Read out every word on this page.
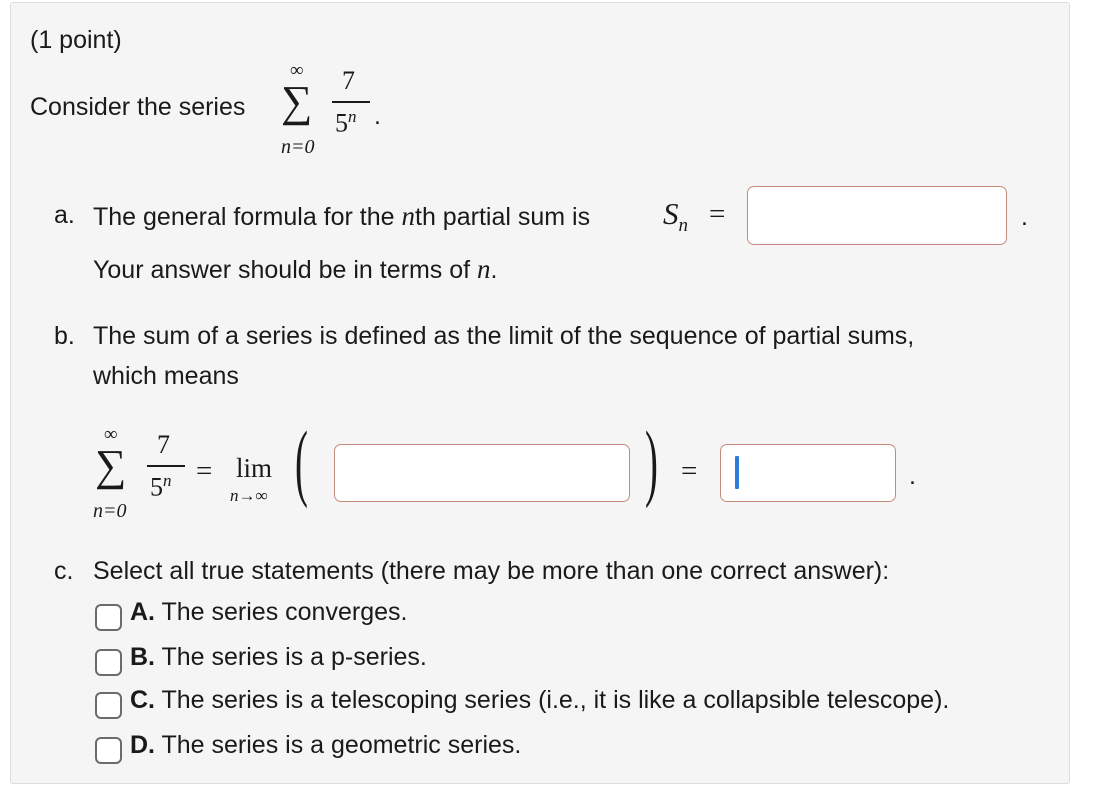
(1 point)
Consider the series
∞
∑
n=0
7
5$^n$ .
a. The general formula for the nth partial sum is $S_n$ =	.
Your answer should be in terms of n.
b. The sum of a series is defined as the limit of the sequence of partial sums,
which means
∞
∑
n=0
7
$5^n = \lim$
n→∞ (	) =	.
c. Select all true statements (there may be more than one correct answer):
A. The series converges.
B. The series is a p-series.
C. The series is a telescoping series (i.e., it is like a collapsible telescope).
D. The series is a geometric series.
